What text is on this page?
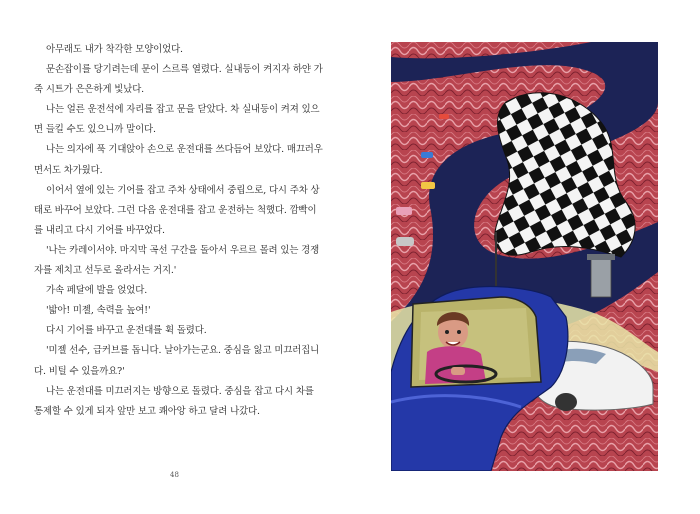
아무래도 내가 착각한 모양이었다.

문손잡이를 당기려는데 문이 스르륵 열렸다. 실내등이 켜지자 하얀 가죽 시트가 은은하게 빛났다.

나는 얼른 운전석에 자리를 잡고 문을 닫았다. 차 실내등이 켜져 있으면 들킬 수도 있으니까 말이다.

나는 의자에 푹 기대앉아 손으로 운전대를 쓰다듬어 보았다. 매끄러우면서도 차가웠다.

이어서 옆에 있는 기어를 잡고 주차 상태에서 중립으로, 다시 주차 상태로 바꾸어 보았다. 그런 다음 운전대를 잡고 운전하는 척했다. 깜빡이를 내리고 다시 기어를 바꾸었다.

'나는 카레이서야. 마지막 곡선 구간을 돌아서 우르르 몰려 있는 경쟁자를 제치고 선두로 올라서는 거지.'

가속 페달에 발을 얹었다.

'밟아! 미젤, 속력을 높여!'

다시 기어를 바꾸고 운전대를 휙 돌렸다.

'미젤 선수, 급커브를 돕니다. 날아가는군요. 중심을 잃고 미끄러집니다. 비틸 수 있을까요?'

나는 운전대를 미끄러지는 방향으로 돌렸다. 중심을 잡고 다시 차를 통제할 수 있게 되자 앞만 보고 쾌아앙 하고 달려 나갔다.

48
